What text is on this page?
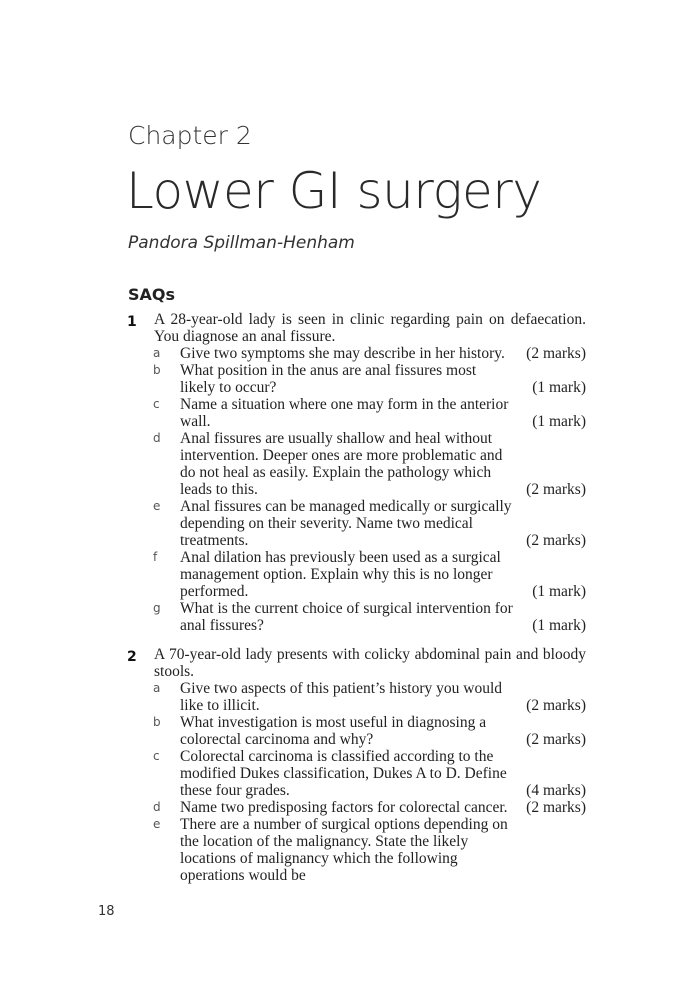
Chapter 2
Lower GI surgery
Pandora Spillman-Henham
SAQs
1 A 28-year-old lady is seen in clinic regarding pain on defaecation. You diagnose an anal fissure.
a Give two symptoms she may describe in her history.	(2 marks)
b What position in the anus are anal fissures most likely to occur?	(1 mark)
c Name a situation where one may form in the anterior wall.	(1 mark)
d Anal fissures are usually shallow and heal without intervention. Deeper ones are more problematic and do not heal as easily. Explain the pathology which leads to this.	(2 marks)
e Anal fissures can be managed medically or surgically depending on their severity. Name two medical treatments.	(2 marks)
f Anal dilation has previously been used as a surgical management option. Explain why this is no longer performed.	(1 mark)
g What is the current choice of surgical intervention for anal fissures?	(1 mark)
2 A 70-year-old lady presents with colicky abdominal pain and bloody stools.
a Give two aspects of this patient’s history you would like to illicit.	(2 marks)
b What investigation is most useful in diagnosing a colorectal carcinoma and why?	(2 marks)
c Colorectal carcinoma is classified according to the modified Dukes classification, Dukes A to D. Define these four grades.	(4 marks)
d Name two predisposing factors for colorectal cancer.	(2 marks)
e There are a number of surgical options depending on the location of the malignancy. State the likely locations of malignancy which the following operations would be
18
